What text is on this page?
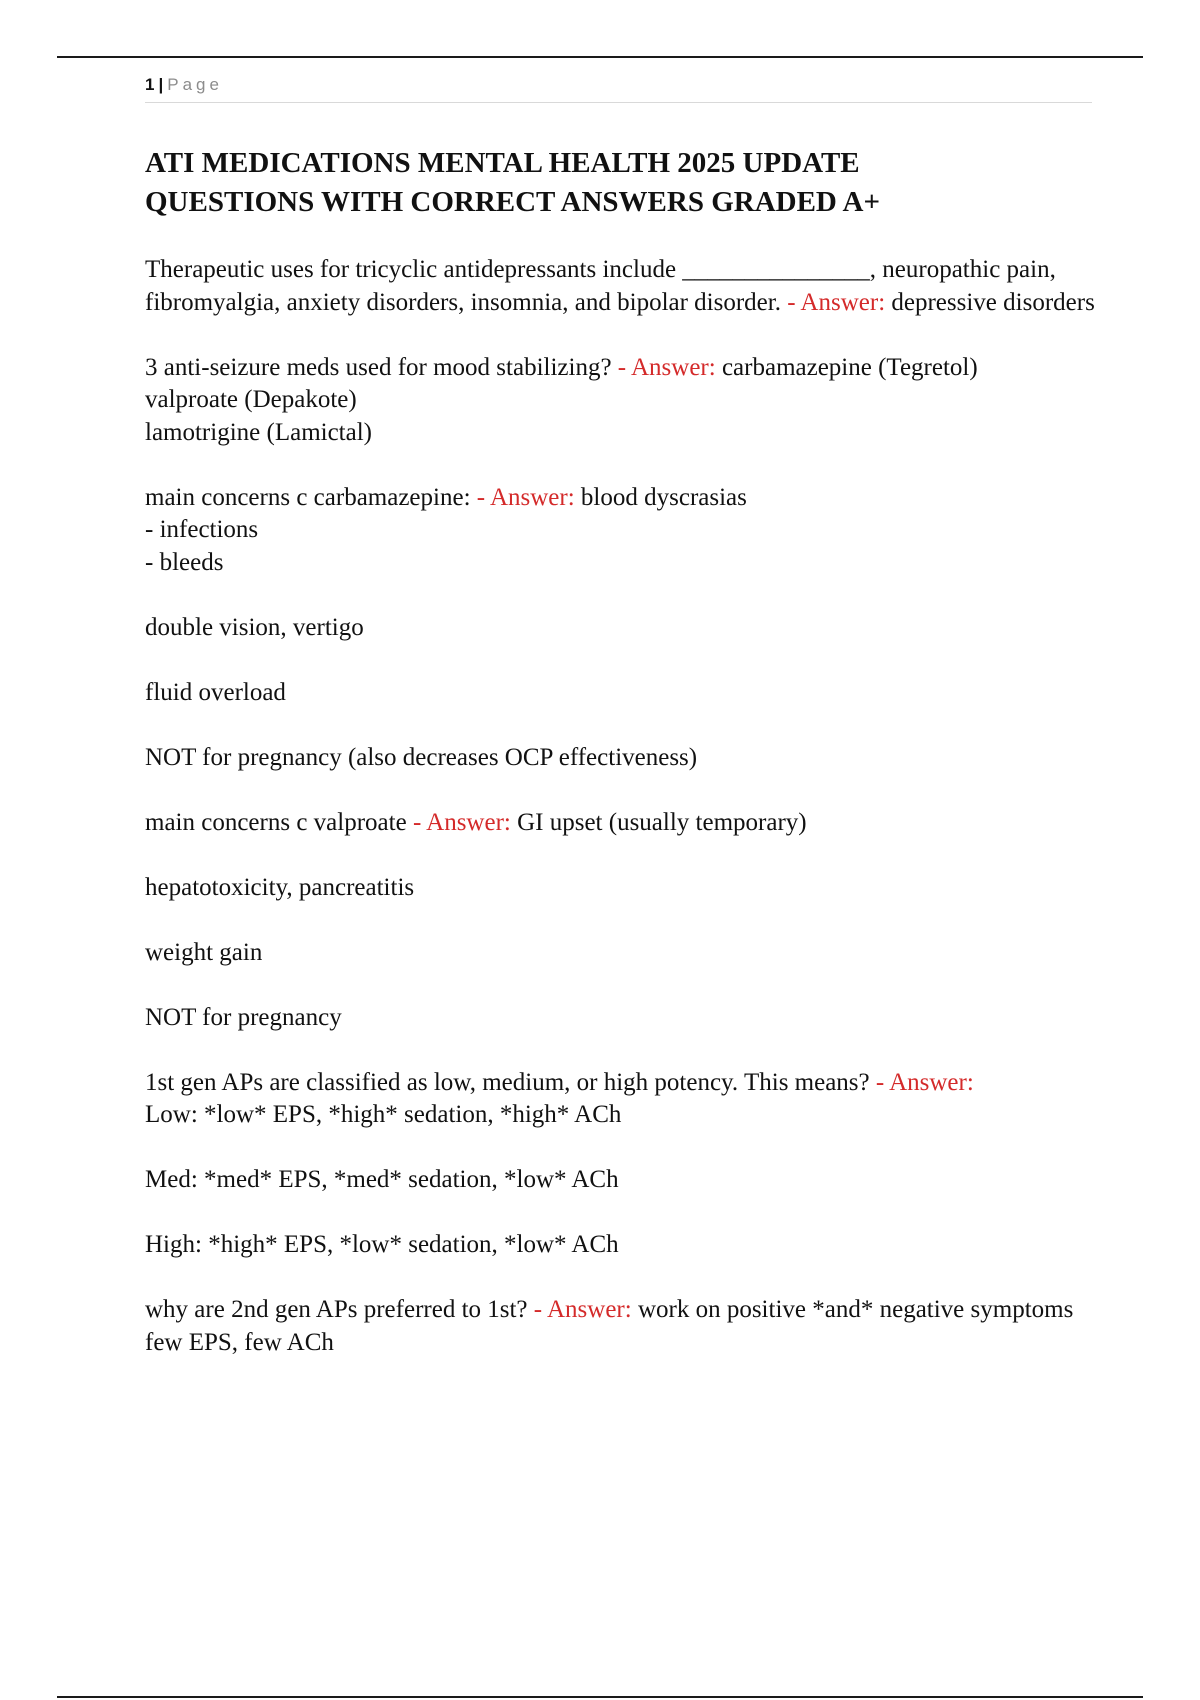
1 | Page
ATI MEDICATIONS MENTAL HEALTH 2025 UPDATE
QUESTIONS WITH CORRECT ANSWERS GRADED A+

Therapeutic uses for tricyclic antidepressants include _______________, neuropathic pain, fibromyalgia, anxiety disorders, insomnia, and bipolar disorder. - Answer: depressive disorders

3 anti-seizure meds used for mood stabilizing? - Answer: carbamazepine (Tegretol)
valproate (Depakote)
lamotrigine (Lamictal)

main concerns c carbamazepine: - Answer: blood dyscrasias
- infections
- bleeds

double vision, vertigo

fluid overload

NOT for pregnancy (also decreases OCP effectiveness)

main concerns c valproate - Answer: GI upset (usually temporary)

hepatotoxicity, pancreatitis

weight gain

NOT for pregnancy

1st gen APs are classified as low, medium, or high potency. This means? - Answer:
Low: *low* EPS, *high* sedation, *high* ACh

Med: *med* EPS, *med* sedation, *low* ACh

High: *high* EPS, *low* sedation, *low* ACh

why are 2nd gen APs preferred to 1st? - Answer: work on positive *and* negative symptoms
few EPS, few ACh
